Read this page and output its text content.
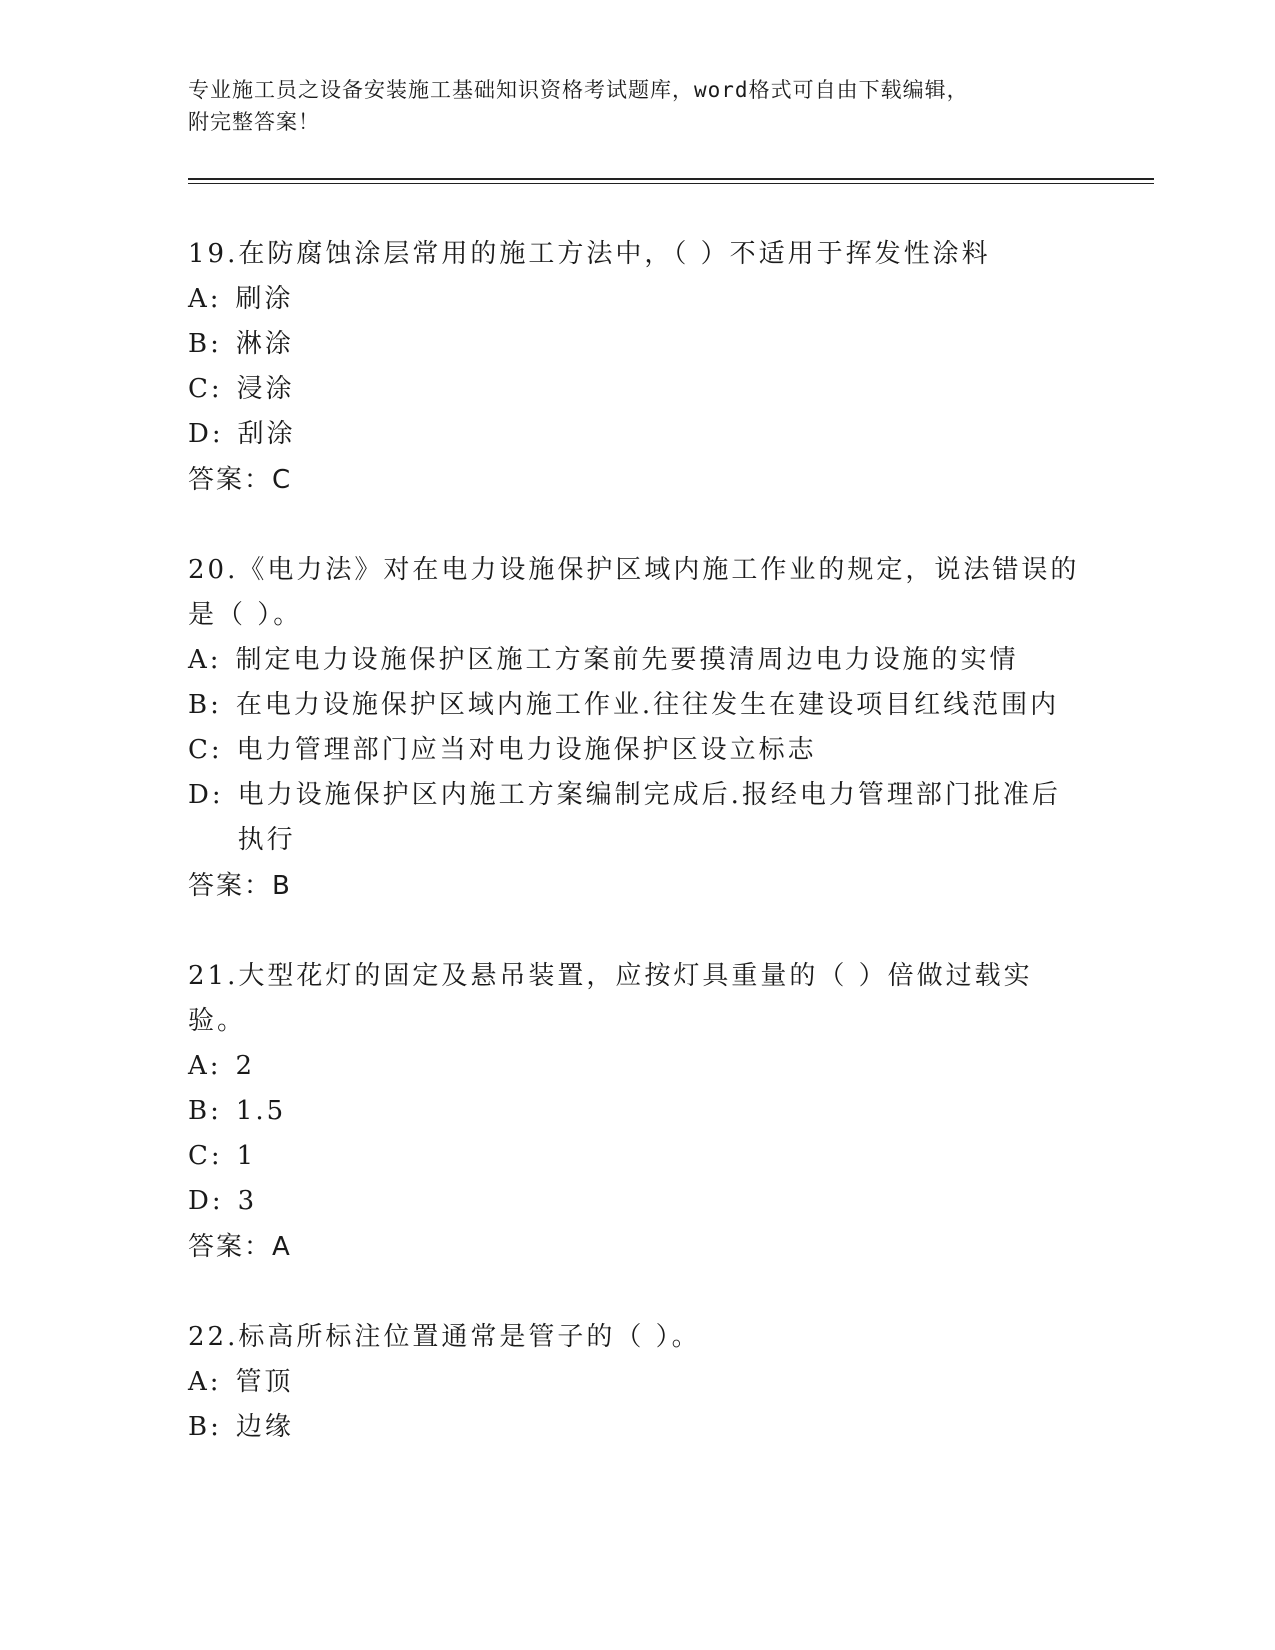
专业施工员之设备安装施工基础知识资格考试题库，word格式可自由下载编辑，
附完整答案！

19.在防腐蚀涂层常用的施工方法中，（ ）不适用于挥发性涂料

A: 刷涂
B: 淋涂
C: 浸涂
D: 刮涂

答案：C

20.《电力法》对在电力设施保护区域内施工作业的规定，说法错误的是（ ）。

A: 制定电力设施保护区施工方案前先要摸清周边电力设施的实情
B: 在电力设施保护区域内施工作业.往往发生在建设项目红线范围内
C: 电力管理部门应当对电力设施保护区设立标志
D: 电力设施保护区内施工方案编制完成后.报经电力管理部门批准后执行

答案：B

21.大型花灯的固定及悬吊装置，应按灯具重量的（ ）倍做过载实验。

A: 2
B: 1.5
C: 1
D: 3

答案：A

22.标高所标注位置通常是管子的（ ）。

A: 管顶
B: 边缘
